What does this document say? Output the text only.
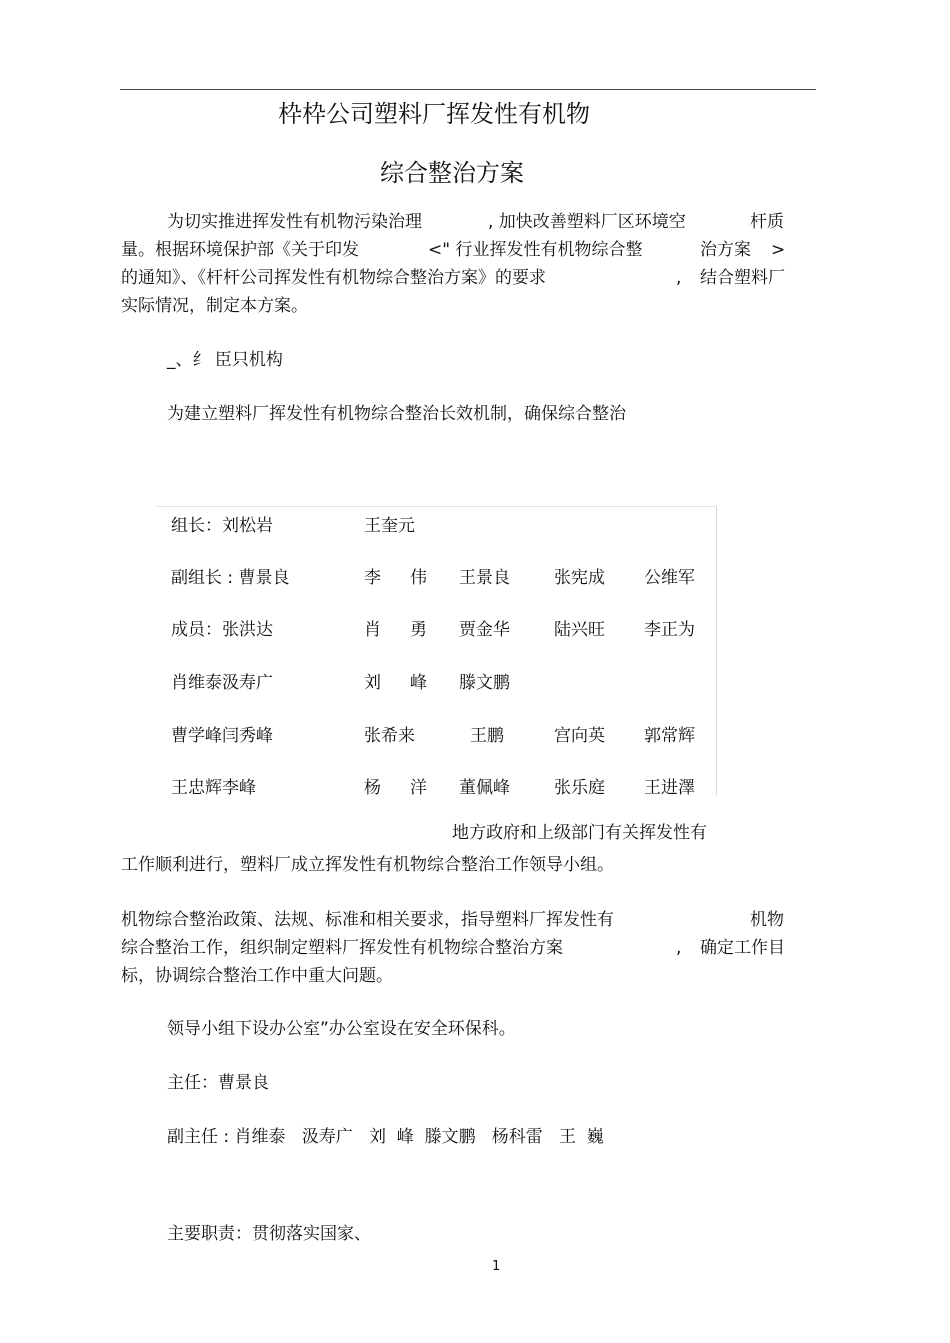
枠枠公司塑料厂挥发性有机物
综合整治方案
为切实推进挥发性有机物污染治理	, 加快改善塑料厂区环境空	杆质
量。根据环境保护部《关于印发	<" 行业挥发性有机物综合整	治方案 >
的通知》、《杆杆公司挥发性有机物综合整治方案》的要求	, 结合塑料厂
实际情况，制定本方案。
_、纟 臣只机构
为建立塑料厂挥发性有机物综合整治长效机制，确保综合整治
组长：刘松岩	王奎元
副组长 : 曹景良	李 伟 王景良	张宪成 公维军
成员：张洪达	肖 勇 贾金华	陆兴旺 李正为
肖维泰汲寿广	刘 峰 滕文鹏
曹学峰闫秀峰	张希来	王鹏	宫向英 郭常辉
王忠辉李峰	杨 洋 董佩峰	张乐庭 王进澤
地方政府和上级部门有关挥发性有
工作顺利进行，塑料厂成立挥发性有机物综合整治工作领导小组。
机物综合整治政策、法规、标准和相关要求，指导塑料厂挥发性有	机物
综合整治工作，组织制定塑料厂挥发性有机物综合整治方案	, 确定工作目
标，协调综合整治工作中重大问题。
领导小组下设办公室”办公室设在安全环保科。
主任：曹景良
副主任 : 肖维泰   汲寿广   刘  峰  滕文鹏   杨科雷   王  巍
主要职责：贯彻落实国家、
1
